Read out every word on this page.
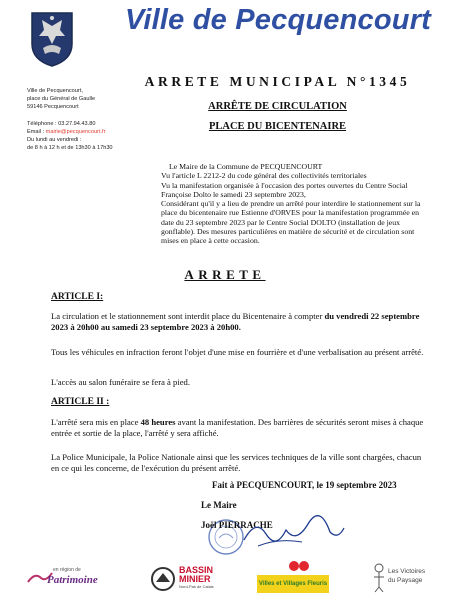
Ville de Pecquencourt
Ville de Pecquencourt,
place du Général de Gaulle
59146 Pecquencourt
Téléphone : 03.27.94.43.80
Email : mairie@pecquencourt.fr
Du lundi au vendredi :
de 8 h à 12 h et de 13h30 à 17h30
ARRETE MUNICIPAL N°1345
ARRÊTE DE CIRCULATION
PLACE DU BICENTENAIRE

Le Maire de la Commune de PECQUENCOURT

Vu l'article L 2212-2 du code général des collectivités territoriales

Vu la manifestation organisée à l'occasion des portes ouvertes du Centre Social Françoise Dolto le samedi 23 septembre 2023,

Considérant qu'il y a lieu de prendre un arrêté pour interdire le stationnement sur la place du bicentenaire rue Estienne d'ORVES pour la manifestation programmée en date du 23 septembre 2023 par le Centre Social DOLTO (installation de jeux gonflable). Des mesures particulières en matière de sécurité et de circulation sont mises en place à cette occasion.

ARRETE
ARTICLE I:
La circulation et le stationnement sont interdit place du Bicentenaire à compter du vendredi 22 septembre 2023 à 20h00 au samedi 23 septembre 2023 à 20h00.
Tous les véhicules en infraction feront l'objet d'une mise en fourrière et d'une verbalisation au présent arrêté.
L'accès au salon funéraire se fera à pied.
ARTICLE II :
L'arrêté sera mis en place 48 heures avant la manifestation. Des barrières de sécurités seront mises à chaque entrée et sortie de la place, l'arrêté y sera affiché.
La Police Municipale, la Police Nationale ainsi que les services techniques de la ville sont chargées, chacun en ce qui les concerne, de l'exécution du présent arrêté.
Fait à PECQUENCOURT, le 19 septembre 2023
Le Maire
Joël PIERRACHE
en région de
Patrimoine
BASSIN
MINIER
Nord-Pas de Calais	Villes et Villages Fleuris
Les Victoires
du Paysage
